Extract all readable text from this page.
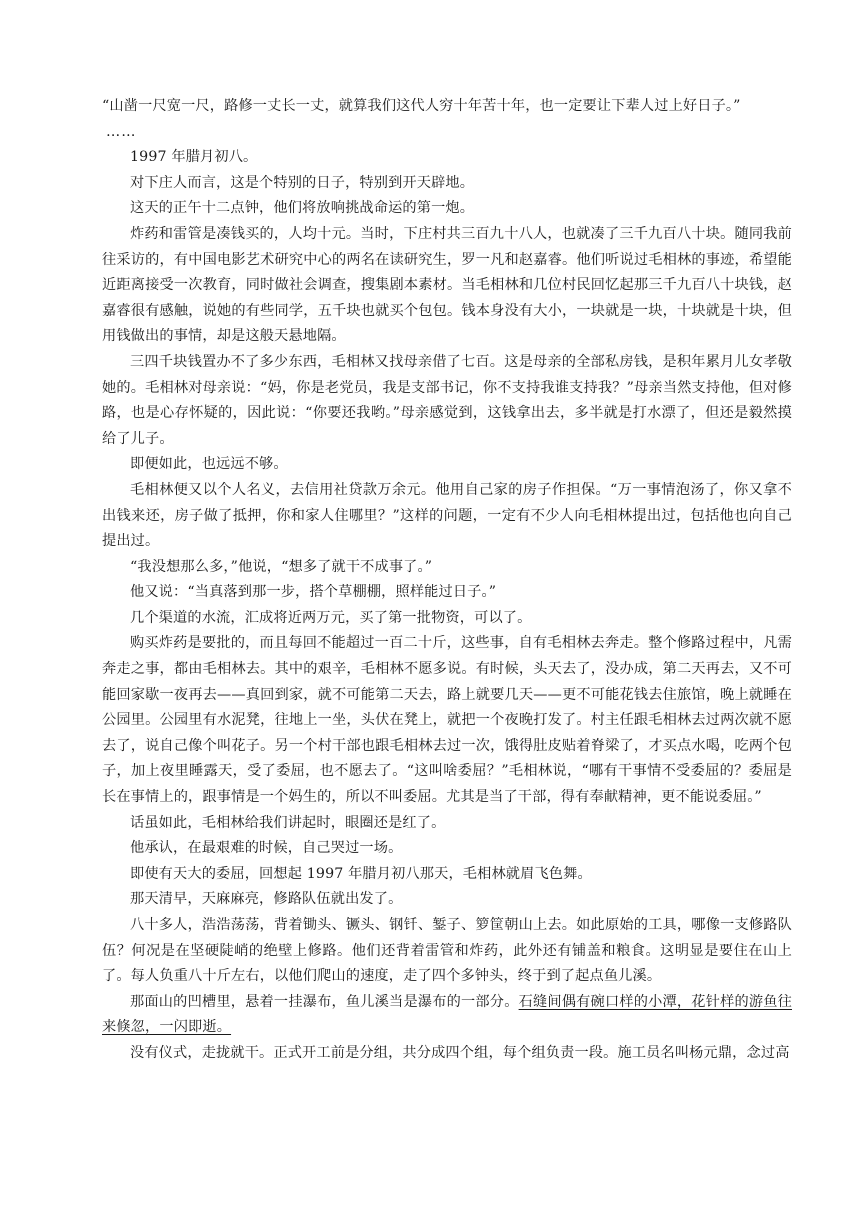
“山凿一尺宽一尺，路修一丈长一丈，就算我们这代人穷十年苦十年，也一定要让下辈人过上好日子。”

……

1997 年腊月初八。

对下庄人而言，这是个特别的日子，特别到开天辟地。

这天的正午十二点钟，他们将放响挑战命运的第一炮。

炸药和雷管是凑钱买的，人均十元。当时，下庄村共三百九十八人，也就凑了三千九百八十块。随同我前往采访的，有中国电影艺术研究中心的两名在读研究生，罗一凡和赵嘉睿。他们听说过毛相林的事迹，希望能近距离接受一次教育，同时做社会调查，搜集剧本素材。当毛相林和几位村民回忆起那三千九百八十块钱，赵嘉睿很有感触，说她的有些同学，五千块也就买个包包。钱本身没有大小，一块就是一块，十块就是十块，但用钱做出的事情，却是这般天悬地隔。

三四千块钱置办不了多少东西，毛相林又找母亲借了七百。这是母亲的全部私房钱，是积年累月儿女孝敬她的。毛相林对母亲说：“妈，你是老党员，我是支部书记，你不支持我谁支持我？”母亲当然支持他，但对修路，也是心存怀疑的，因此说：“你要还我哟。”母亲感觉到，这钱拿出去，多半就是打水漂了，但还是毅然摸给了儿子。

即便如此，也远远不够。

毛相林便又以个人名义，去信用社贷款万余元。他用自己家的房子作担保。“万一事情泡汤了，你又拿不出钱来还，房子做了抵押，你和家人住哪里？”这样的问题，一定有不少人向毛相林提出过，包括他也向自己提出过。

“我没想那么多，”他说，“想多了就干不成事了。”

他又说：“当真落到那一步，搭个草棚棚，照样能过日子。”

几个渠道的水流，汇成将近两万元，买了第一批物资，可以了。

购买炸药是要批的，而且每回不能超过一百二十斤，这些事，自有毛相林去奔走。整个修路过程中，凡需奔走之事，都由毛相林去。其中的艰辛，毛相林不愿多说。有时候，头天去了，没办成，第二天再去，又不可能回家歇一夜再去——真回到家，就不可能第二天去，路上就要几天——更不可能花钱去住旅馆，晚上就睡在公园里。公园里有水泥凳，往地上一坐，头伏在凳上，就把一个夜晚打发了。村主任跟毛相林去过两次就不愿去了，说自己像个叫花子。另一个村干部也跟毛相林去过一次，饿得肚皮贴着脊梁了，才买点水喝，吃两个包子，加上夜里睡露天，受了委屈，也不愿去了。“这叫啥委屈？”毛相林说，“哪有干事情不受委屈的？委屈是长在事情上的，跟事情是一个妈生的，所以不叫委屈。尤其是当了干部，得有奉献精神，更不能说委屈。”

话虽如此，毛相林给我们讲起时，眼圈还是红了。

他承认，在最艰难的时候，自己哭过一场。

即使有天大的委屈，回想起 1997 年腊月初八那天，毛相林就眉飞色舞。

那天清早，天麻麻亮，修路队伍就出发了。

八十多人，浩浩荡荡，背着锄头、镢头、钢钎、錾子、箩筐朝山上去。如此原始的工具，哪像一支修路队伍？何况是在坚硬陡峭的绝壁上修路。他们还背着雷管和炸药，此外还有铺盖和粮食。这明显是要住在山上了。每人负重八十斤左右，以他们爬山的速度，走了四个多钟头，终于到了起点鱼儿溪。

那面山的凹槽里，悬着一挂瀑布，鱼儿溪当是瀑布的一部分。石缝间偶有碗口样的小潭，花针样的游鱼往来倏忽，一闪即逝。

没有仪式，走拢就干。正式开工前是分组，共分成四个组，每个组负责一段。施工员名叫杨元鼎，念过高
